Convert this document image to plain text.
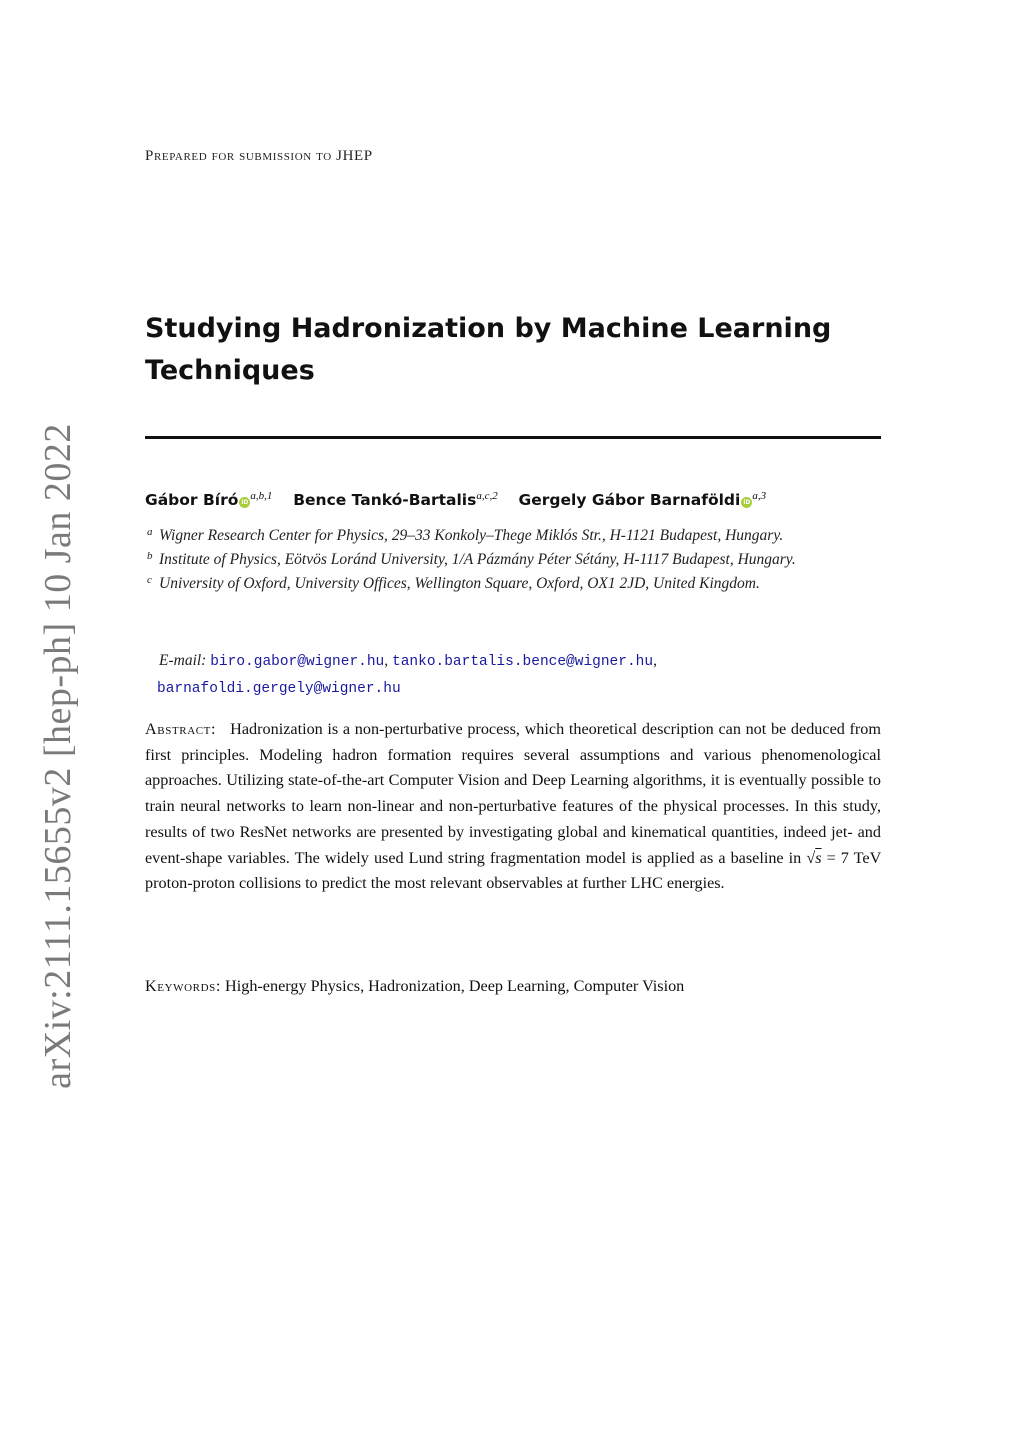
arXiv:2111.15655v2 [hep-ph] 10 Jan 2022
Prepared for submission to JHEP
Studying Hadronization by Machine Learning Techniques
Gábor Bíró iD$^{a,b,1}$ Bence Tankó-Bartalis$^{a,c,2}$ Gergely Gábor Barnaföldi iD$^{a,3}$
a Wigner Research Center for Physics, 29–33 Konkoly–Thege Miklós Str., H-1121 Budapest, Hungary.
b Institute of Physics, Eötvös Loránd University, 1/A Pázmány Péter Sétány, H-1117 Budapest, Hungary.
c University of Oxford, University Offices, Wellington Square, Oxford, OX1 2JD, United Kingdom.
E-mail: biro.gabor@wigner.hu, tanko.bartalis.bence@wigner.hu,
barnafoldi.gergely@wigner.hu
Abstract: Hadronization is a non-perturbative process, which theoretical description can not be deduced from first principles. Modeling hadron formation requires several assumptions and various phenomenological approaches. Utilizing state-of-the-art Computer Vision and Deep Learning algorithms, it is eventually possible to train neural networks to learn non-linear and non-perturbative features of the physical processes. In this study, results of two ResNet networks are presented by investigating global and kinematical quantities, indeed jet- and event-shape variables. The widely used Lund string fragmentation model is applied as a baseline in √s = 7 TeV proton-proton collisions to predict the most relevant observables at further LHC energies.
Keywords: High-energy Physics, Hadronization, Deep Learning, Computer Vision
